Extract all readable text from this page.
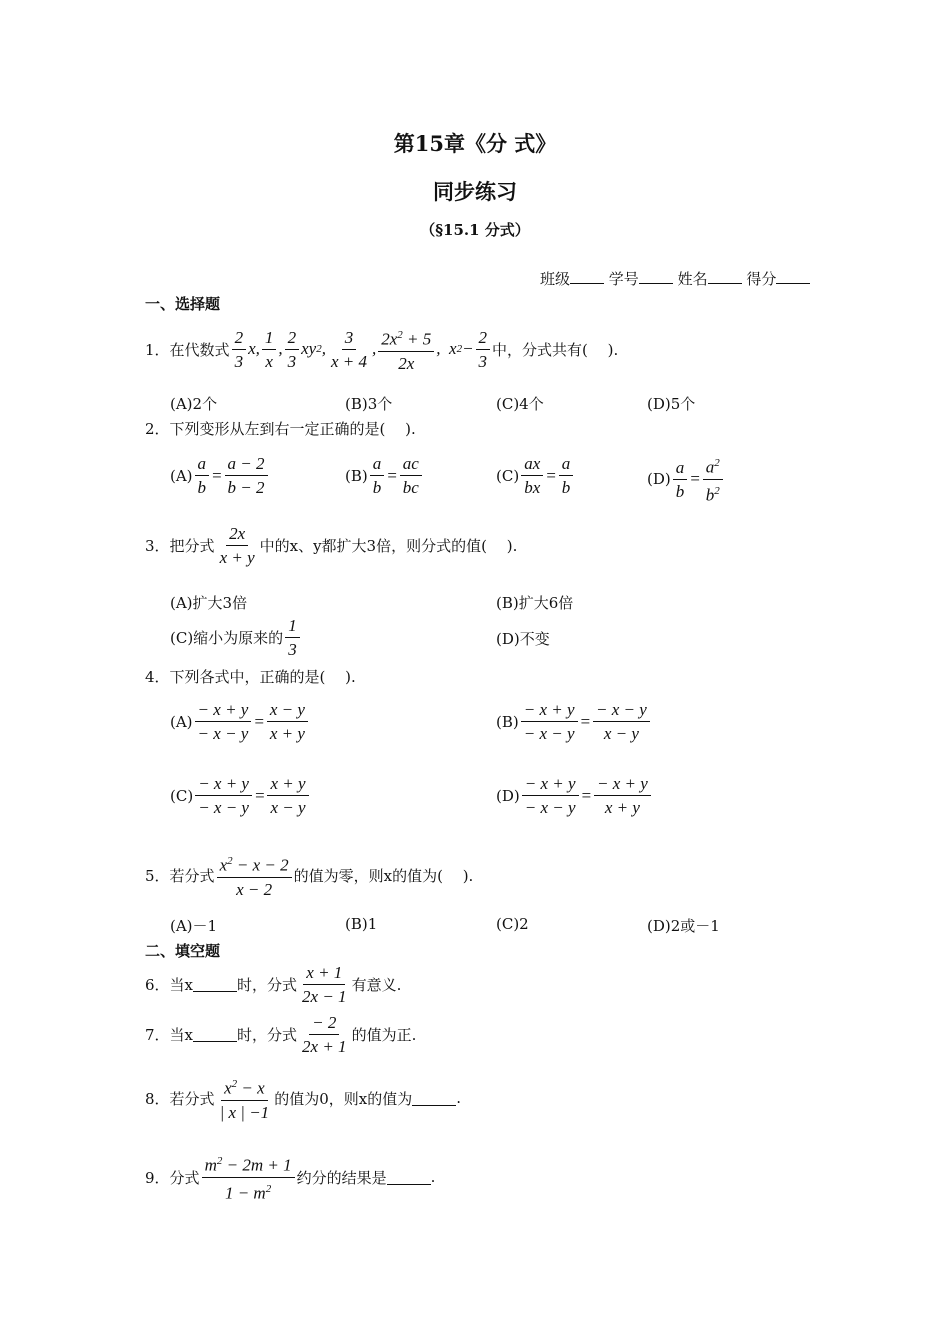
第15章《分 式》
同步练习
（§15.1 分式）
班级	学号	姓名	得分
一、选择题
1． 在代数式
2
3
x,
1
x
,
2
3
xy 2 ,
3
x + 4
,
$2x^2 + 5$
2x
,  x 2 −
2
3
中，分式共有(　 ).
(A)2个	(B)3个	(C)4个	(D)5个
2．下列变形从左到右一定正确的是(　 ).
(A)
a
b
=
a − 2
b − 2
(B)
a
b
=
ac
bc
(C)
ax
bx
=
a
b	(D)
a
b
=
$a^2$
$b^2$
3． 把分式
2x
x + y
中的x、y都扩大3倍，则分式的值(　 ).
(A)扩大3倍	(B)扩大6倍
(C)缩小为原来的
1
3
(D)不变
4．下列各式中，正确的是(　 ).
(A)
− x + y
− x − y
=
x − y
x + y
(B)
− x + y
− x − y
=
− x − y
x − y
(C)
− x + y
− x − y
=
x + y
x − y
(D)
− x + y
− x − y
=
− x + y
x + y
5． 若分式
$x^2 - x - 2$
x − 2
的值为零，则x的值为(　 ).
(A)－1	(B)1	(C)2	(D)2或－1
二、填空题
6． 当x	时，分式
x + 1
2x − 1
有意义.
7． 当x	时，分式
− 2
2x + 1
的值为正.
8． 若分式
$x^2 - x$
| x | −1
的值为0，则x的值为	.
9． 分式
$m^2 - 2m + 1$
$1 - m^2$
约分的结果是	.
